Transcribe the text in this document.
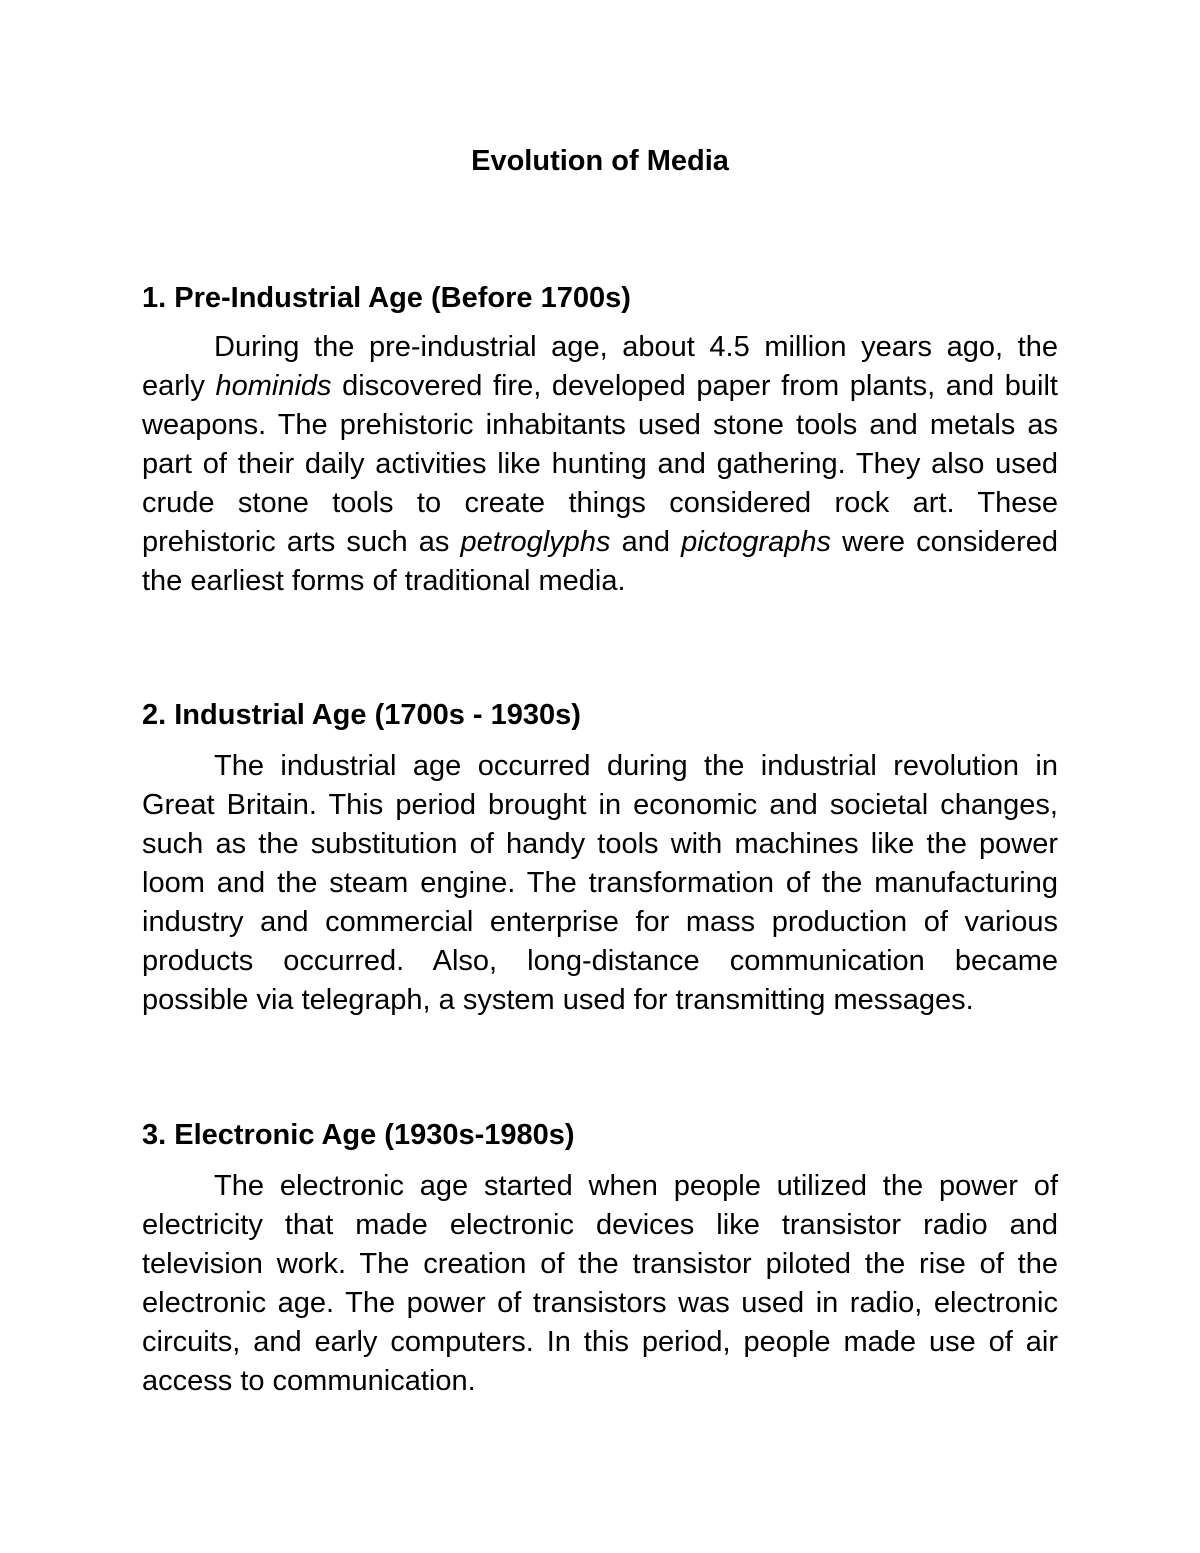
Evolution of Media
1. Pre-Industrial Age (Before 1700s)

During the pre-industrial age, about 4.5 million years ago, the early hominids discovered fire, developed paper from plants, and built weapons. The prehistoric inhabitants used stone tools and metals as part of their daily activities like hunting and gathering. They also used crude stone tools to create things considered rock art. These prehistoric arts such as petroglyphs and pictographs were considered the earliest forms of traditional media.

2. Industrial Age (1700s - 1930s)

The industrial age occurred during the industrial revolution in Great Britain. This period brought in economic and societal changes, such as the substitution of handy tools with machines like the power loom and the steam engine. The transformation of the manufacturing industry and commercial enterprise for mass production of various products occurred. Also, long-distance communication became possible via telegraph, a system used for transmitting messages.

3. Electronic Age (1930s-1980s)

The electronic age started when people utilized the power of electricity that made electronic devices like transistor radio and television work. The creation of the transistor piloted the rise of the electronic age. The power of transistors was used in radio, electronic circuits, and early computers. In this period, people made use of air access to communication.
